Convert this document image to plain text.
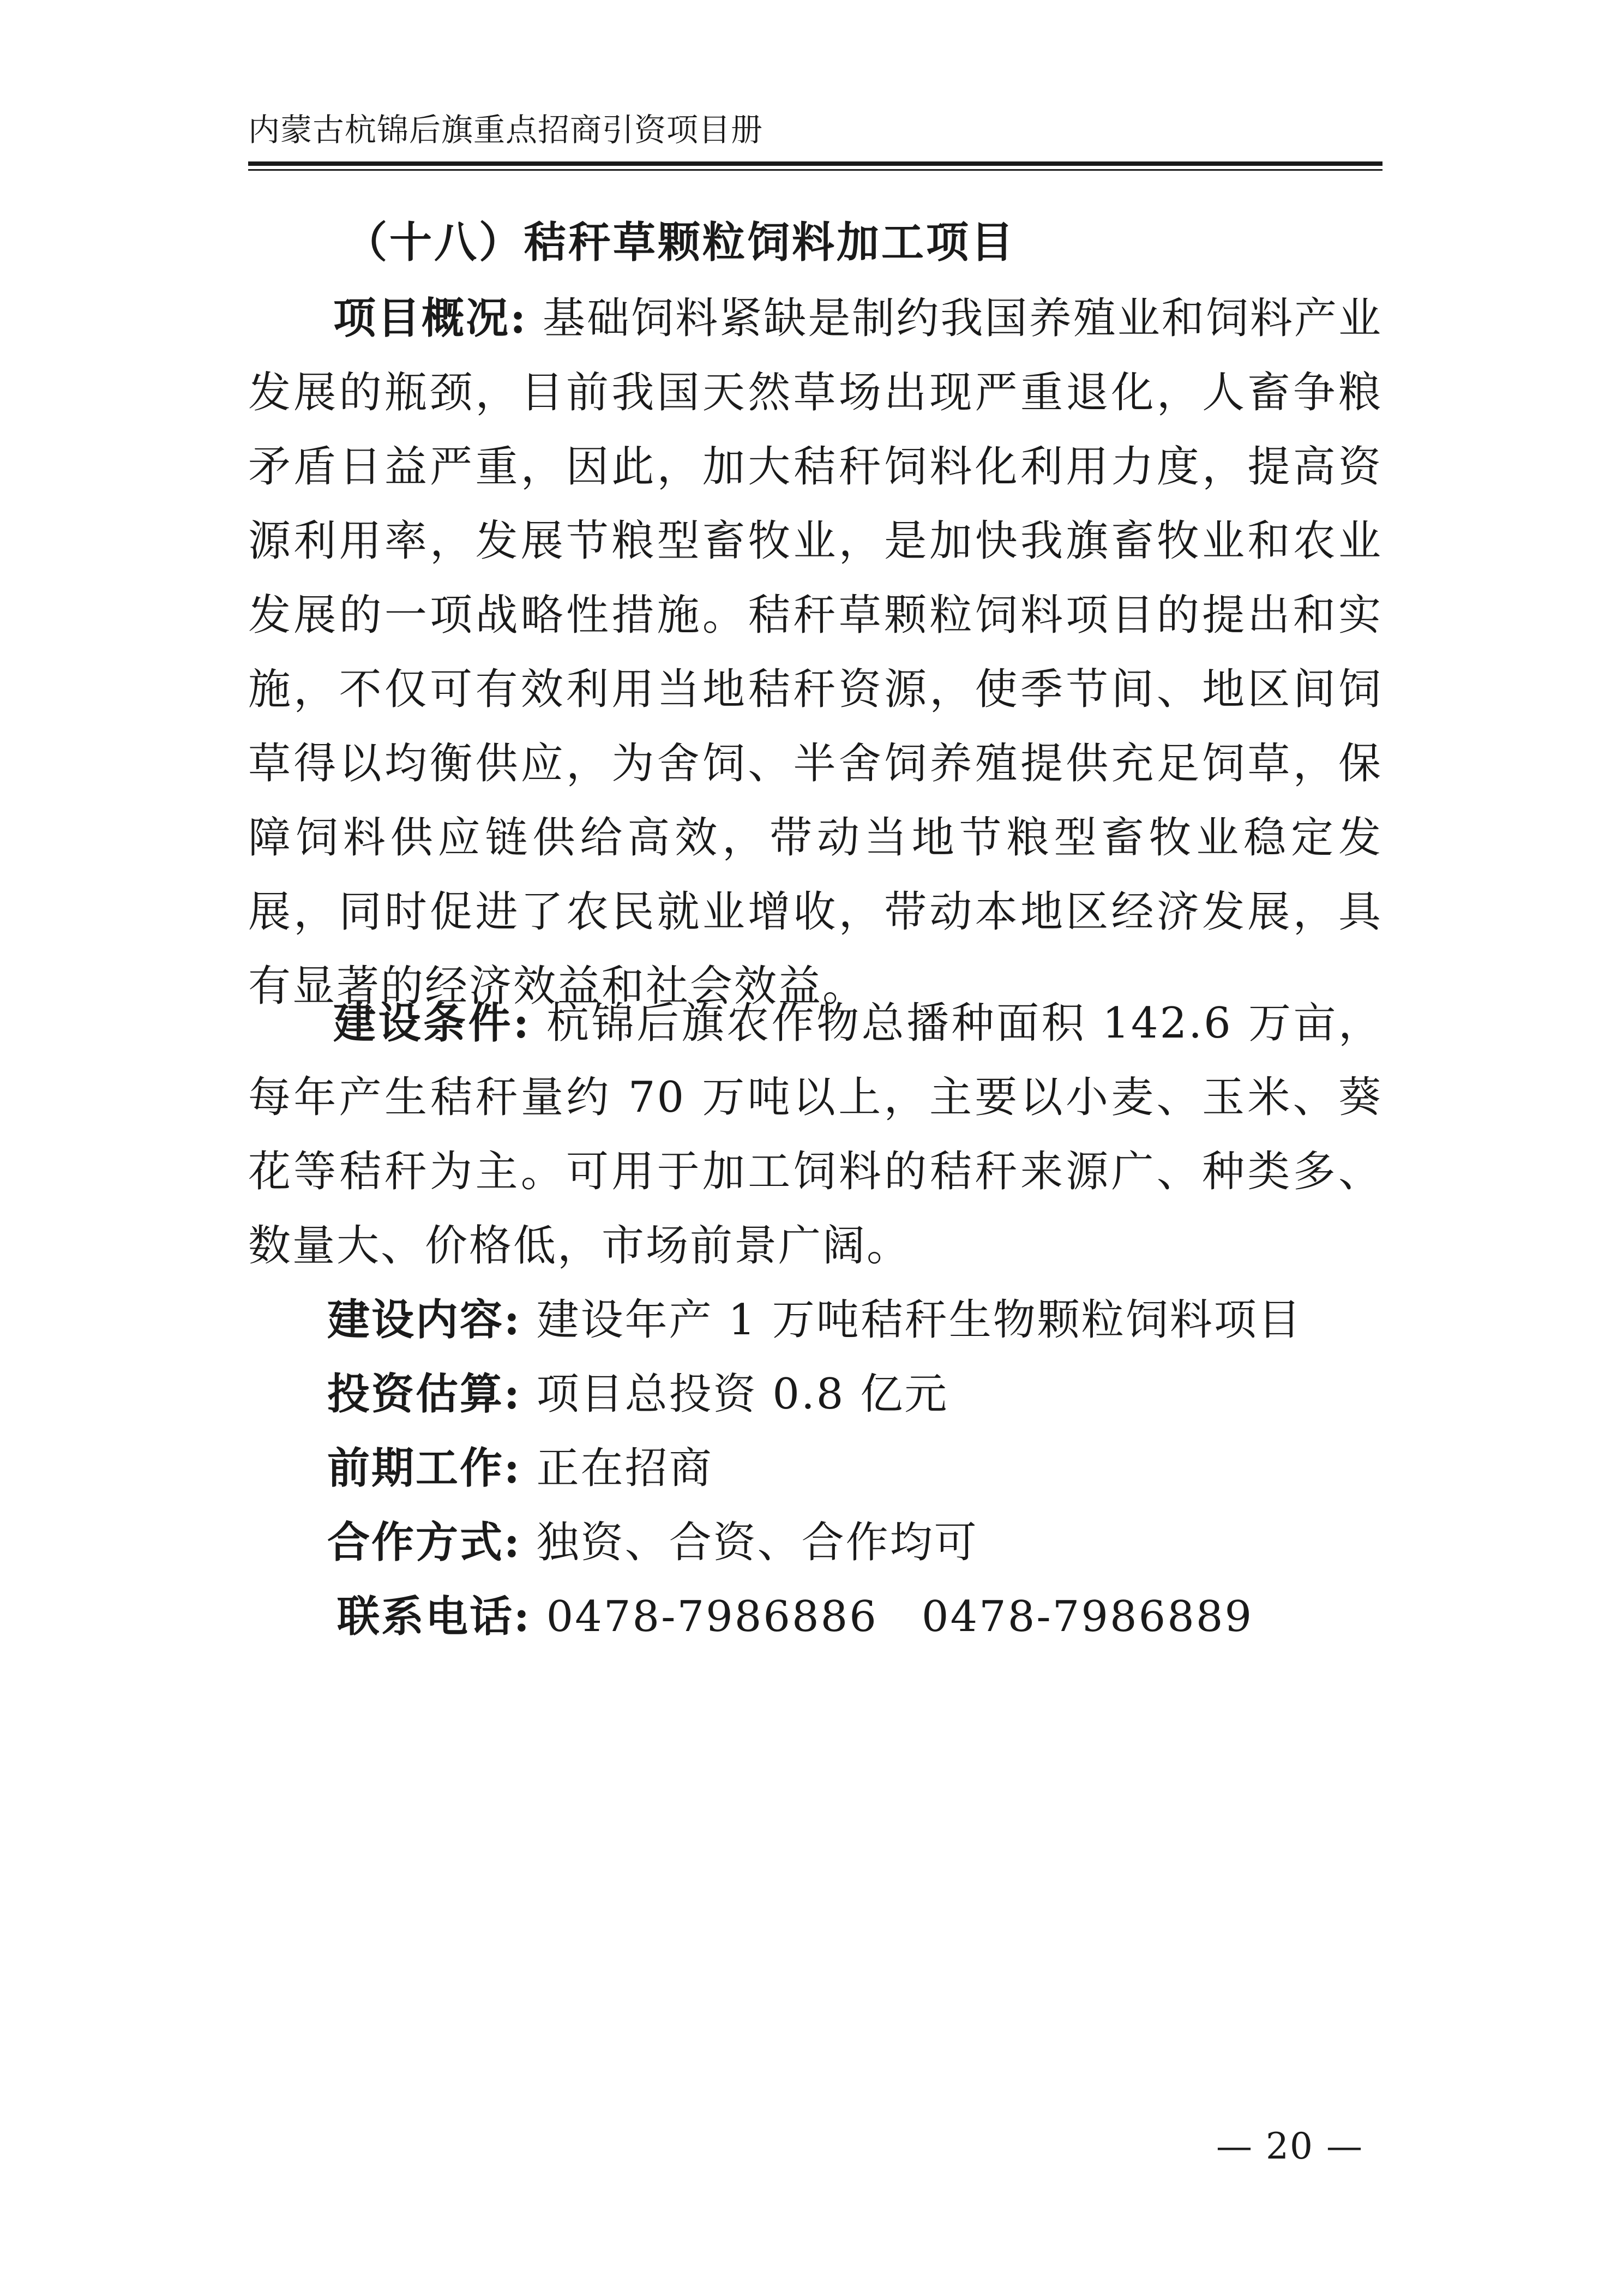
内蒙古杭锦后旗重点招商引资项目册
（十八）秸秆草颗粒饲料加工项目

项目概况: 基础饲料紧缺是制约我国养殖业和饲料产业发展的瓶颈，目前我国天然草场出现严重退化，人畜争粮矛盾日益严重，因此，加大秸秆饲料化利用力度，提高资源利用率，发展节粮型畜牧业，是加快我旗畜牧业和农业发展的一项战略性措施。秸秆草颗粒饲料项目的提出和实施，不仅可有效利用当地秸秆资源，使季节间、地区间饲草得以均衡供应，为舍饲、半舍饲养殖提供充足饲草，保障饲料供应链供给高效，带动当地节粮型畜牧业稳定发展，同时促进了农民就业增收，带动本地区经济发展，具有显著的经济效益和社会效益。

建设条件: 杭锦后旗农作物总播种面积 142.6 万亩，每年产生秸秆量约 70 万吨以上，主要以小麦、玉米、葵花等秸秆为主。可用于加工饲料的秸秆来源广、种类多、数量大、价格低，市场前景广阔。

建设内容: 建设年产 1 万吨秸秆生物颗粒饲料项目
投资估算: 项目总投资 0.8 亿元
前期工作: 正在招商
合作方式: 独资、合资、合作均可
联系电话: 0478-7986886 0478-7986889
— 20 —
